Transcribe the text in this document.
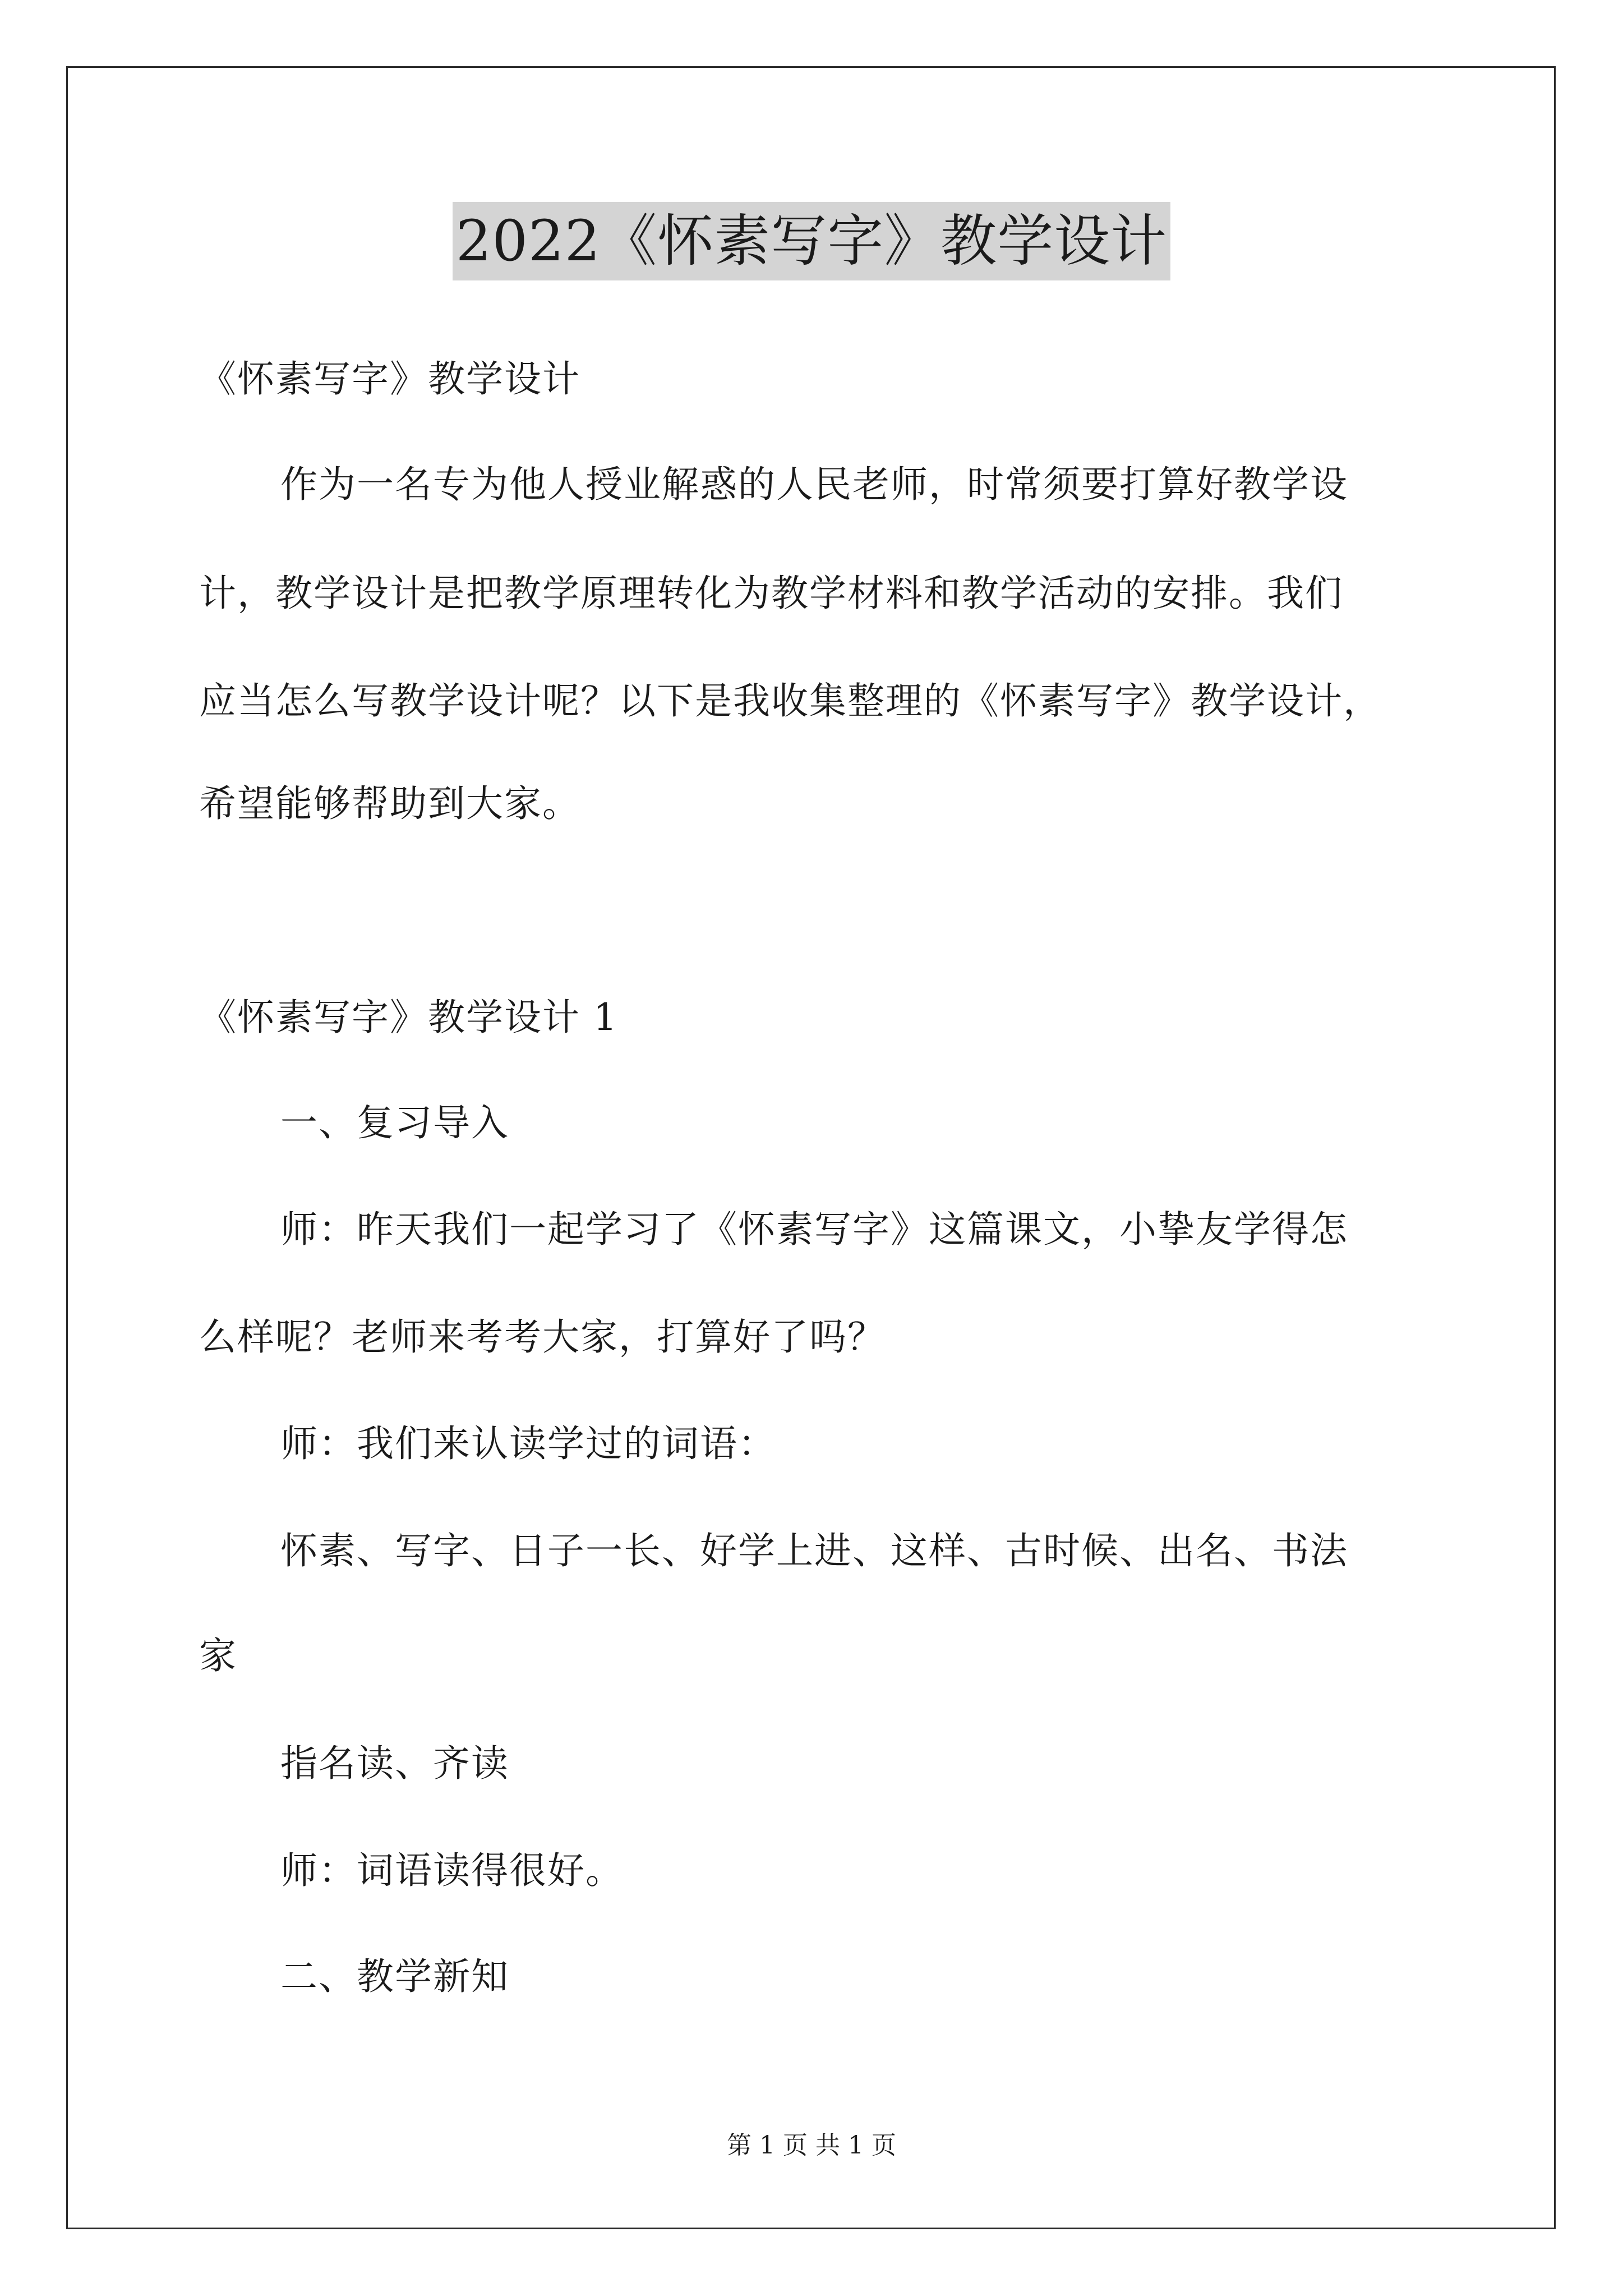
2022《怀素写字》教学设计
《怀素写字》教学设计
作为一名专为他人授业解惑的人民老师，时常须要打算好教学设
计，教学设计是把教学原理转化为教学材料和教学活动的安排。我们
应当怎么写教学设计呢？以下是我收集整理的《怀素写字》教学设计，
希望能够帮助到大家。
《怀素写字》教学设计 1
一、复习导入
师：昨天我们一起学习了《怀素写字》这篇课文，小挚友学得怎
么样呢？老师来考考大家，打算好了吗？
师：我们来认读学过的词语：
怀素、写字、日子一长、好学上进、这样、古时候、出名、书法
家
指名读、齐读
师：词语读得很好。
二、教学新知
第 1 页 共 1 页
